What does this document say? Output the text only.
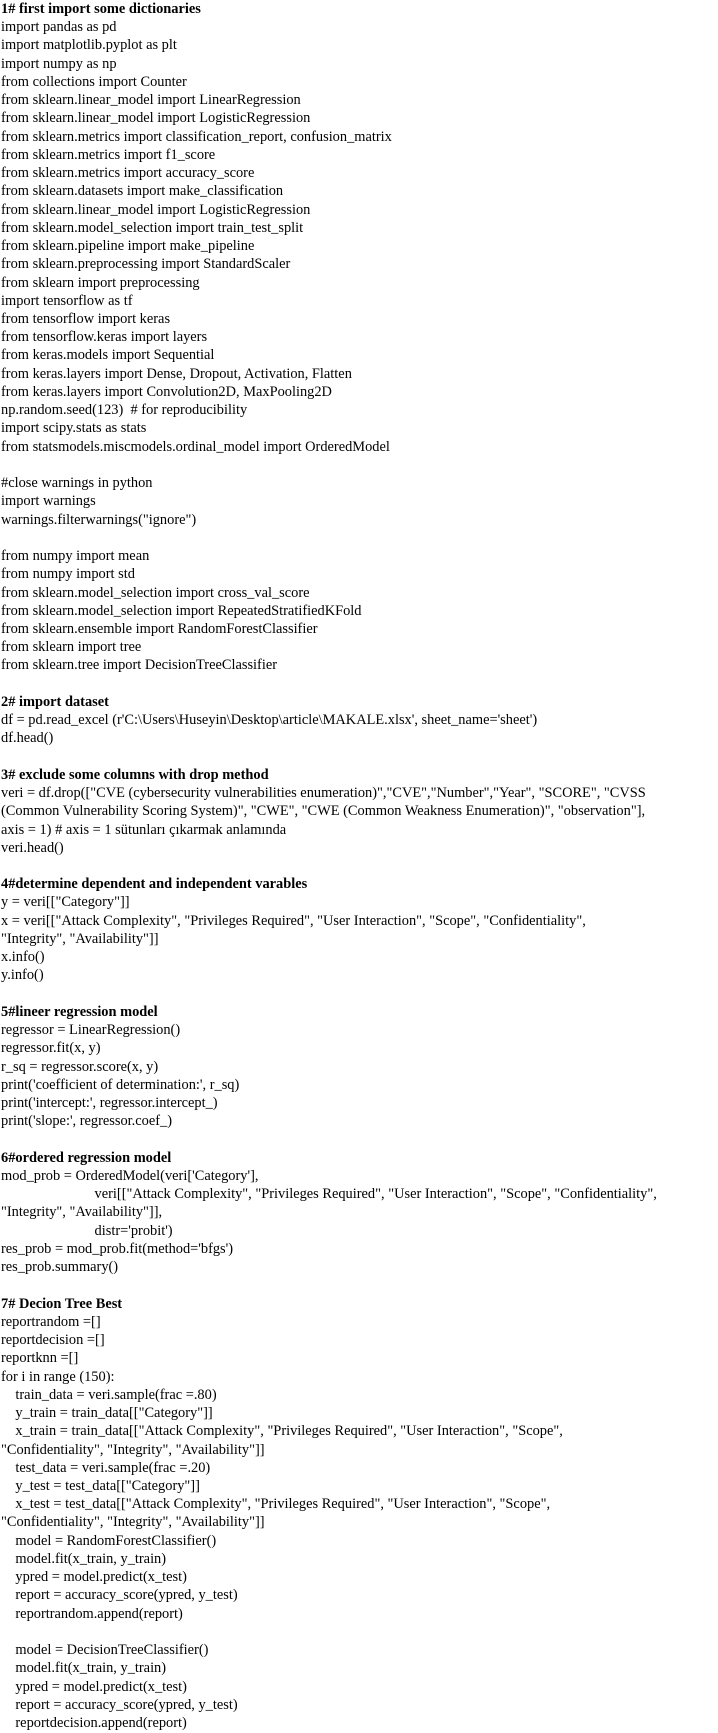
1# first import some dictionaries
import pandas as pd
import matplotlib.pyplot as plt
import numpy as np
from collections import Counter
from sklearn.linear_model import LinearRegression
from sklearn.linear_model import LogisticRegression
from sklearn.metrics import classification_report, confusion_matrix
from sklearn.metrics import f1_score
from sklearn.metrics import accuracy_score
from sklearn.datasets import make_classification
from sklearn.linear_model import LogisticRegression
from sklearn.model_selection import train_test_split
from sklearn.pipeline import make_pipeline
from sklearn.preprocessing import StandardScaler
from sklearn import preprocessing
import tensorflow as tf
from tensorflow import keras
from tensorflow.keras import layers
from keras.models import Sequential
from keras.layers import Dense, Dropout, Activation, Flatten
from keras.layers import Convolution2D, MaxPooling2D
np.random.seed(123)  # for reproducibility
import scipy.stats as stats
from statsmodels.miscmodels.ordinal_model import OrderedModel
#close warnings in python
import warnings
warnings.filterwarnings("ignore")
from numpy import mean
from numpy import std
from sklearn.model_selection import cross_val_score
from sklearn.model_selection import RepeatedStratifiedKFold
from sklearn.ensemble import RandomForestClassifier
from sklearn import tree
from sklearn.tree import DecisionTreeClassifier
2# import dataset
df = pd.read_excel (r'C:\Users\Huseyin\Desktop\article\MAKALE.xlsx', sheet_name='sheet')
df.head()
3# exclude some columns with drop method
veri = df.drop(["CVE (cybersecurity vulnerabilities enumeration)","CVE","Number","Year", "SCORE", "CVSS
(Common Vulnerability Scoring System)", "CWE", "CWE (Common Weakness Enumeration)", "observation"],
axis = 1) # axis = 1 sütunları çıkarmak anlamında
veri.head()
4#determine dependent and independent varables
y = veri[["Category"]]
x = veri[["Attack Complexity", "Privileges Required", "User Interaction", "Scope", "Confidentiality",
"Integrity", "Availability"]]
x.info()
y.info()
5#lineer regression model
regressor = LinearRegression()
regressor.fit(x, y)
r_sq = regressor.score(x, y)
print('coefficient of determination:', r_sq)
print('intercept:', regressor.intercept_)
print('slope:', regressor.coef_)
6#ordered regression model
mod_prob = OrderedModel(veri['Category'],
veri[["Attack Complexity", "Privileges Required", "User Interaction", "Scope", "Confidentiality",
"Integrity", "Availability"]],
distr='probit')
res_prob = mod_prob.fit(method='bfgs')
res_prob.summary()
7# Decion Tree Best
reportrandom =[]
reportdecision =[]
reportknn =[]
for i in range (150):
train_data = veri.sample(frac =.80)
y_train = train_data[["Category"]]
x_train = train_data[["Attack Complexity", "Privileges Required", "User Interaction", "Scope",
"Confidentiality", "Integrity", "Availability"]]
test_data = veri.sample(frac =.20)
y_test = test_data[["Category"]]
x_test = test_data[["Attack Complexity", "Privileges Required", "User Interaction", "Scope",
"Confidentiality", "Integrity", "Availability"]]
model = RandomForestClassifier()
model.fit(x_train, y_train)
ypred = model.predict(x_test)
report = accuracy_score(ypred, y_test)
reportrandom.append(report)
model = DecisionTreeClassifier()
model.fit(x_train, y_train)
ypred = model.predict(x_test)
report = accuracy_score(ypred, y_test)
reportdecision.append(report)
